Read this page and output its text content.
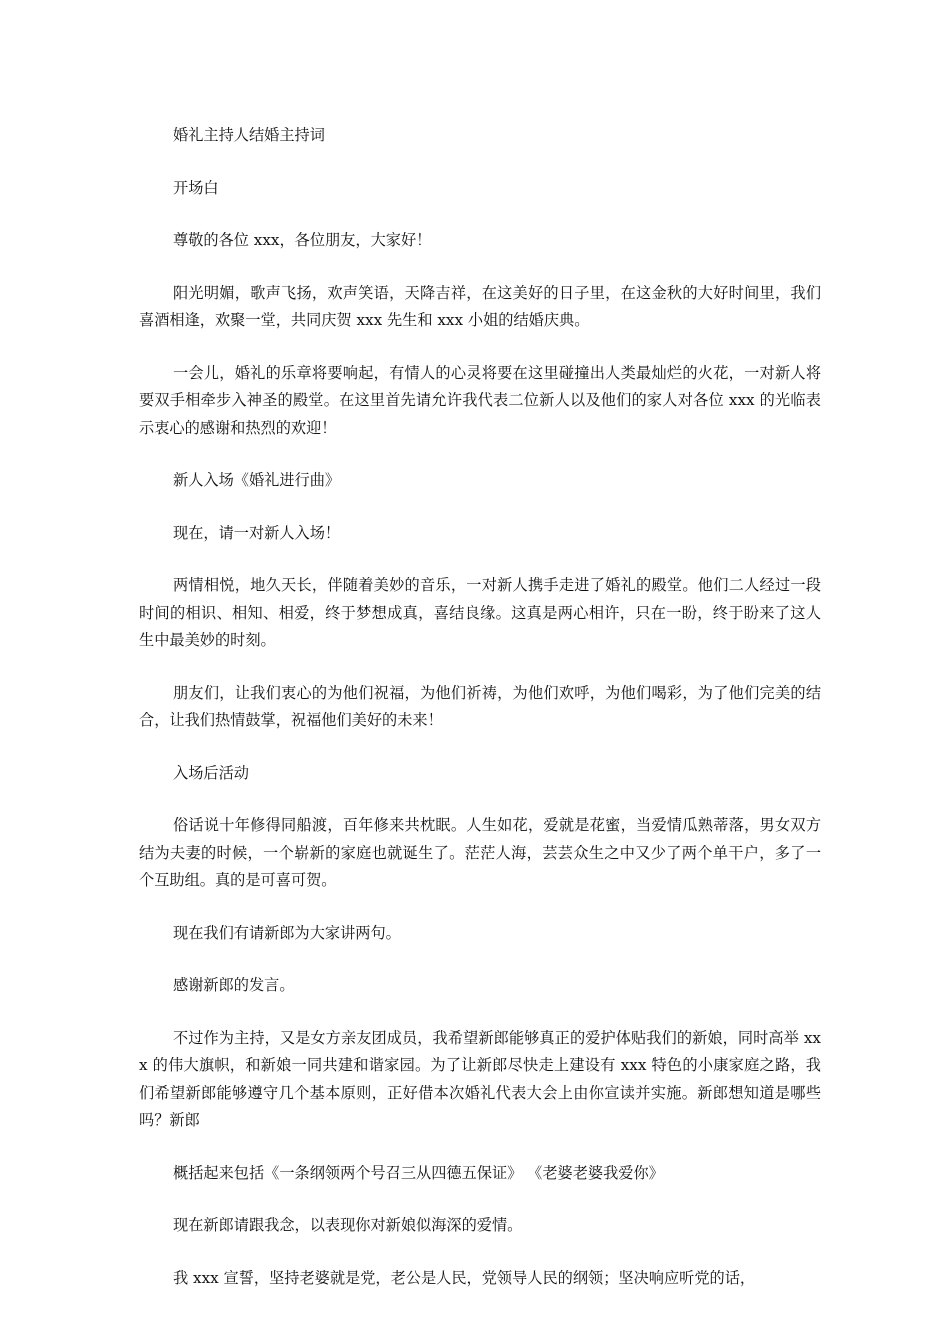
婚礼主持人结婚主持词

开场白

尊敬的各位 xxx，各位朋友，大家好！

阳光明媚，歌声飞扬，欢声笑语，天降吉祥，在这美好的日子里，在这金秋的大好时间里，我们喜酒相逢，欢聚一堂，共同庆贺 xxx 先生和 xxx 小姐的结婚庆典。

一会儿，婚礼的乐章将要响起，有情人的心灵将要在这里碰撞出人类最灿烂的火花，一对新人将要双手相牵步入神圣的殿堂。在这里首先请允许我代表二位新人以及他们的家人对各位 xxx 的光临表示衷心的感谢和热烈的欢迎！

新人入场《婚礼进行曲》

现在，请一对新人入场！

两情相悦，地久天长，伴随着美妙的音乐，一对新人携手走进了婚礼的殿堂。他们二人经过一段时间的相识、相知、相爱，终于梦想成真，喜结良缘。这真是两心相许，只在一盼，终于盼来了这人生中最美妙的时刻。

朋友们，让我们衷心的为他们祝福，为他们祈祷，为他们欢呼，为他们喝彩，为了他们完美的结合，让我们热情鼓掌，祝福他们美好的未来！

入场后活动

俗话说十年修得同船渡，百年修来共枕眠。人生如花，爱就是花蜜，当爱情瓜熟蒂落，男女双方结为夫妻的时候，一个崭新的家庭也就诞生了。茫茫人海，芸芸众生之中又少了两个单干户，多了一个互助组。真的是可喜可贺。

现在我们有请新郎为大家讲两句。

感谢新郎的发言。

不过作为主持，又是女方亲友团成员，我希望新郎能够真正的爱护体贴我们的新娘，同时高举 xxx 的伟大旗帜，和新娘一同共建和谐家园。为了让新郎尽快走上建设有 xxx 特色的小康家庭之路，我们希望新郎能够遵守几个基本原则，正好借本次婚礼代表大会上由你宣读并实施。新郎想知道是哪些吗？新郎

概括起来包括《一条纲领两个号召三从四德五保证》 《老婆老婆我爱你》

现在新郎请跟我念，以表现你对新娘似海深的爱情。

我 xxx 宣誓，坚持老婆就是党，老公是人民，党领导人民的纲领；坚决响应听党的话，
